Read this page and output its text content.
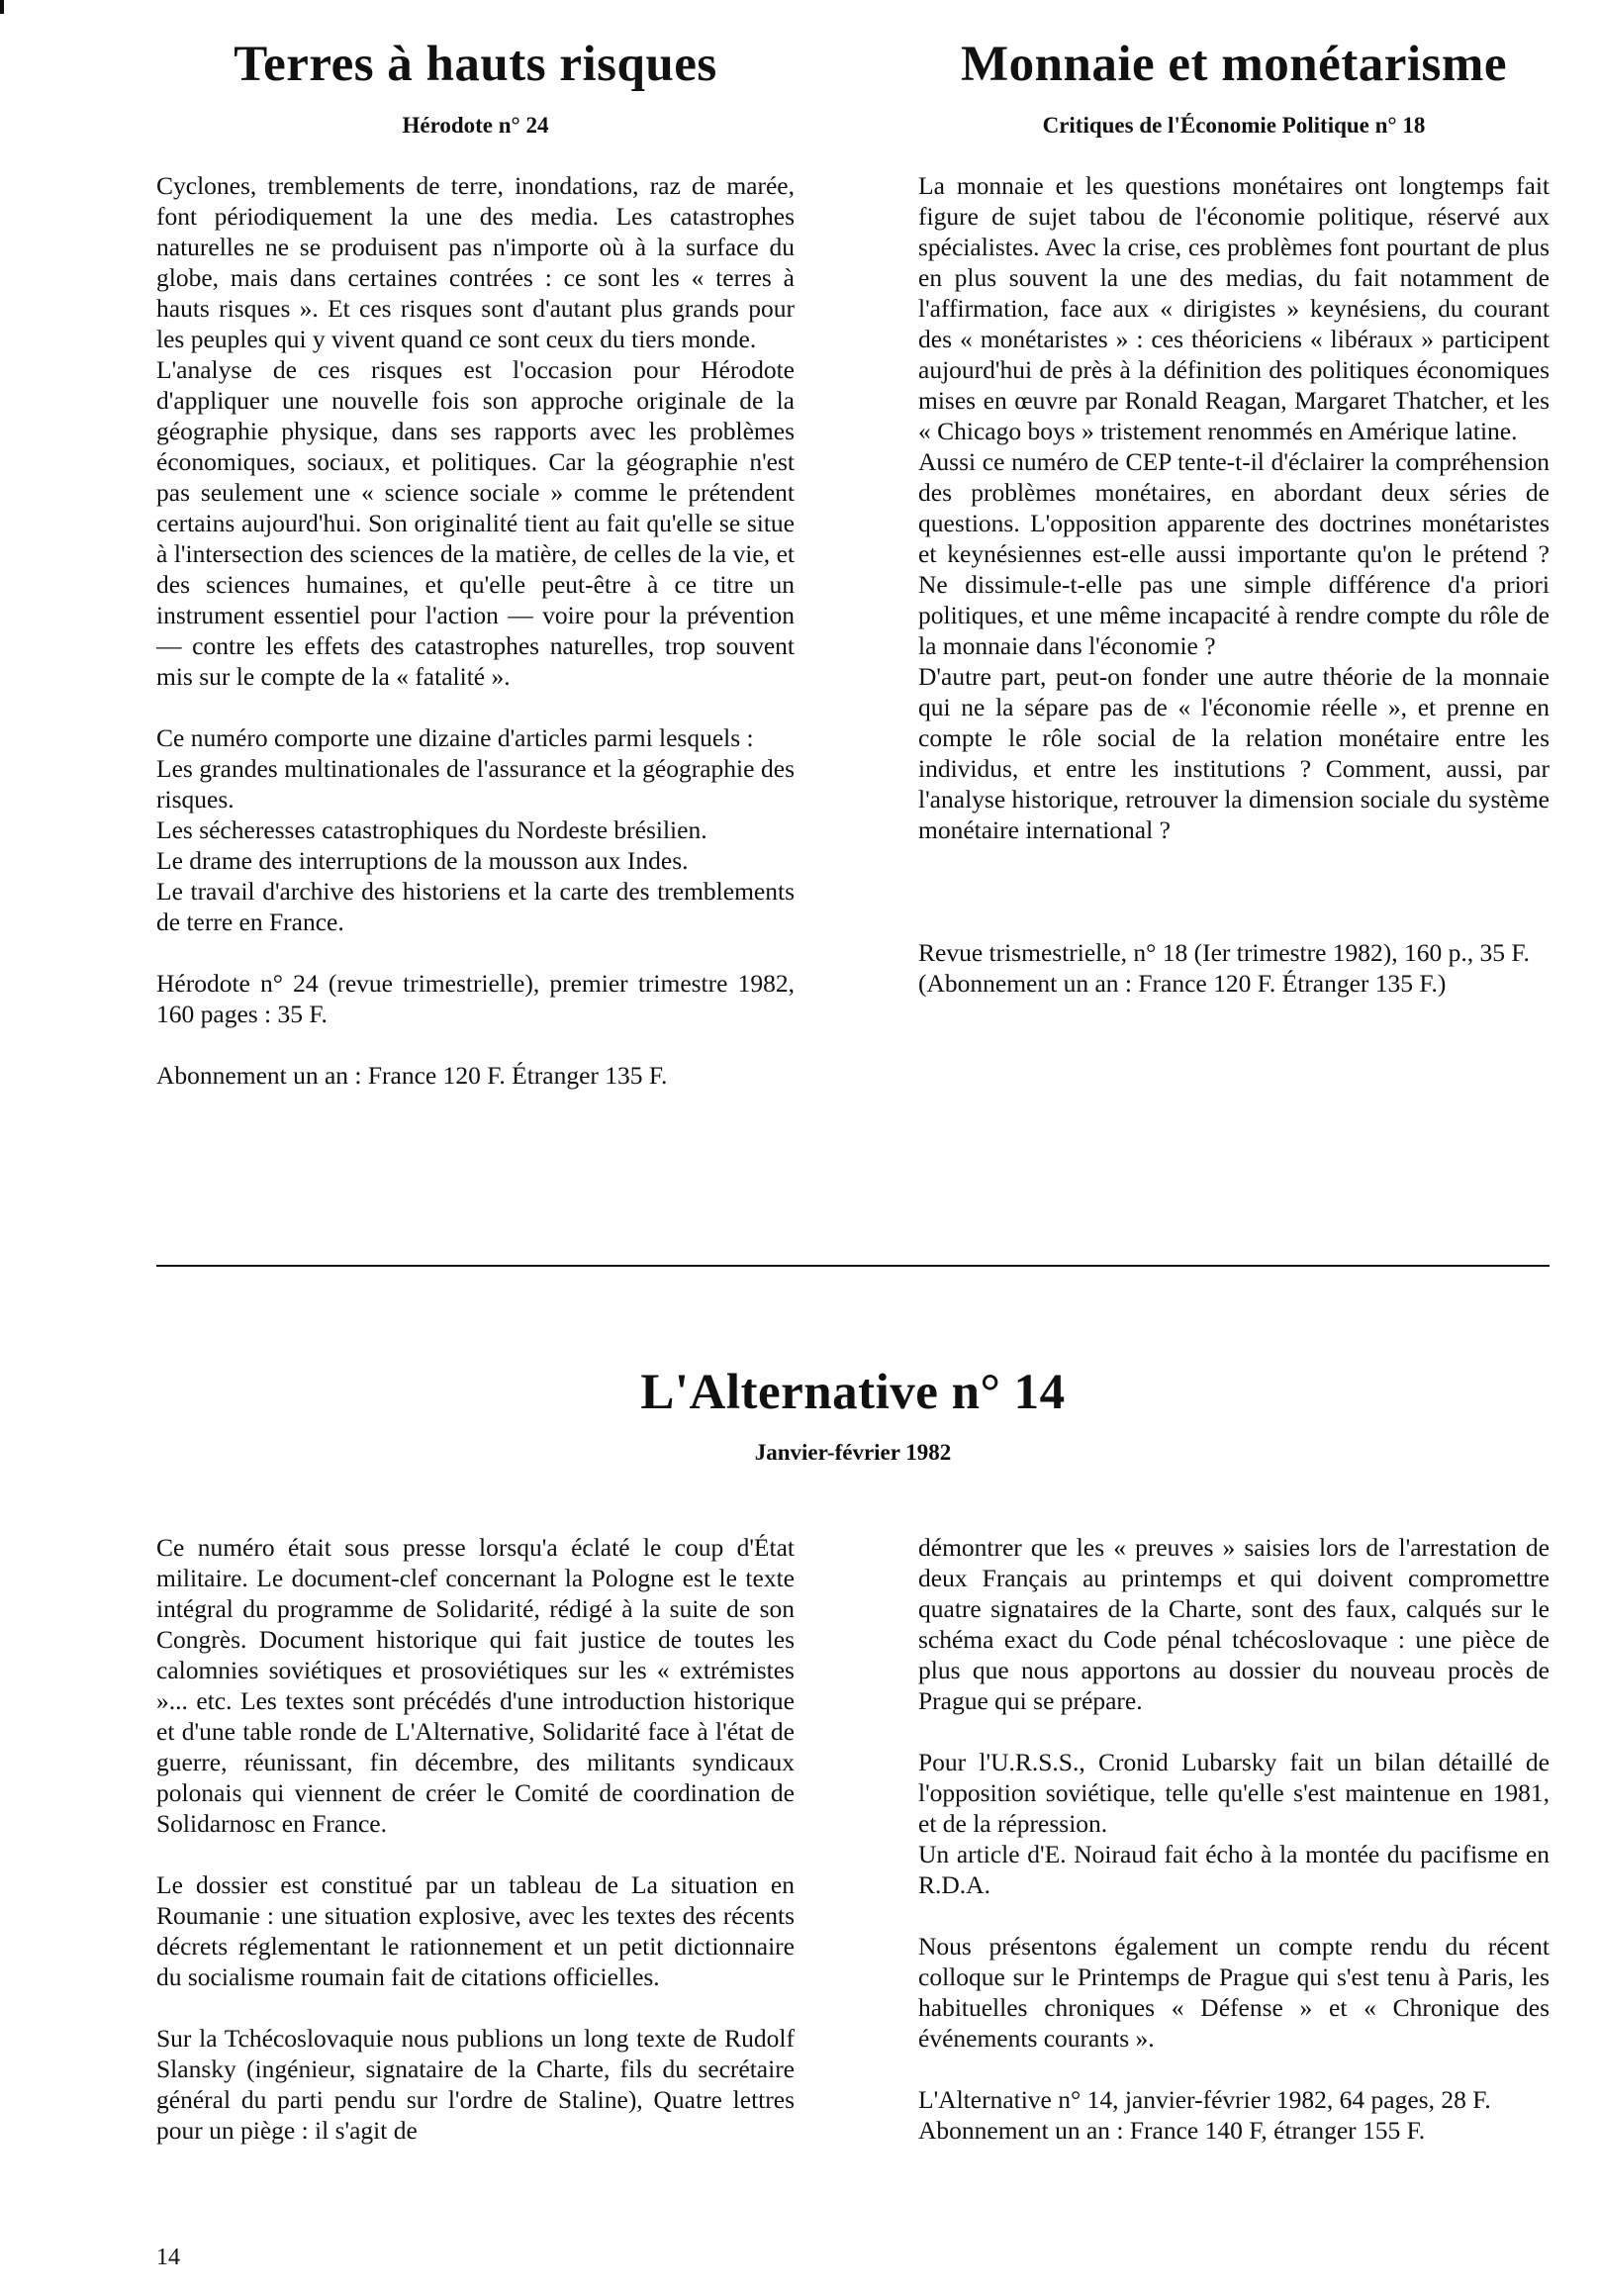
Terres à hauts risques
Hérodote n° 24

Cyclones, tremblements de terre, inondations, raz de marée, font périodiquement la une des media. Les catastrophes naturelles ne se produisent pas n'importe où à la surface du globe, mais dans certaines contrées : ce sont les « terres à hauts risques ». Et ces risques sont d'autant plus grands pour les peuples qui y vivent quand ce sont ceux du tiers monde.

L'analyse de ces risques est l'occasion pour Hérodote d'appliquer une nouvelle fois son approche originale de la géographie physique, dans ses rapports avec les problèmes économiques, sociaux, et politiques. Car la géographie n'est pas seulement une « science sociale » comme le prétendent certains aujourd'hui. Son originalité tient au fait qu'elle se situe à l'intersection des sciences de la matière, de celles de la vie, et des sciences humaines, et qu'elle peut-être à ce titre un instrument essentiel pour l'action — voire pour la prévention — contre les effets des catastrophes naturelles, trop souvent mis sur le compte de la « fatalité ».

Ce numéro comporte une dizaine d'articles parmi lesquels :

Les grandes multinationales de l'assurance et la géographie des risques.

Les sécheresses catastrophiques du Nordeste brésilien.

Le drame des interruptions de la mousson aux Indes.

Le travail d'archive des historiens et la carte des tremblements de terre en France.

Hérodote n° 24 (revue trimestrielle), premier trimestre 1982, 160 pages : 35 F.

Abonnement un an : France 120 F. Étranger 135 F.

Monnaie et monétarisme
Critiques de l'Économie Politique n° 18

La monnaie et les questions monétaires ont longtemps fait figure de sujet tabou de l'économie politique, réservé aux spécialistes. Avec la crise, ces problèmes font pourtant de plus en plus souvent la une des medias, du fait notamment de l'affirmation, face aux « dirigistes » keynésiens, du courant des « monétaristes » : ces théoriciens « libéraux » participent aujourd'hui de près à la définition des politiques économiques mises en œuvre par Ronald Reagan, Margaret Thatcher, et les « Chicago boys » tristement renommés en Amérique latine.

Aussi ce numéro de CEP tente-t-il d'éclairer la compréhension des problèmes monétaires, en abordant deux séries de questions. L'opposition apparente des doctrines monétaristes et keynésiennes est-elle aussi importante qu'on le prétend ? Ne dissimule-t-elle pas une simple différence d'a priori politiques, et une même incapacité à rendre compte du rôle de la monnaie dans l'économie ?

D'autre part, peut-on fonder une autre théorie de la monnaie qui ne la sépare pas de « l'économie réelle », et prenne en compte le rôle social de la relation monétaire entre les individus, et entre les institutions ? Comment, aussi, par l'analyse historique, retrouver la dimension sociale du système monétaire international ?

Revue trismestrielle, n° 18 (Ier trimestre 1982), 160 p., 35 F.

(Abonnement un an : France 120 F. Étranger 135 F.)

L'Alternative n° 14
Janvier-février 1982

Ce numéro était sous presse lorsqu'a éclaté le coup d'État militaire. Le document-clef concernant la Pologne est le texte intégral du programme de Solidarité, rédigé à la suite de son Congrès. Document historique qui fait justice de toutes les calomnies soviétiques et prosoviétiques sur les « extrémistes »... etc. Les textes sont précédés d'une introduction historique et d'une table ronde de L'Alternative, Solidarité face à l'état de guerre, réunissant, fin décembre, des militants syndicaux polonais qui viennent de créer le Comité de coordination de Solidarnosc en France.

Le dossier est constitué par un tableau de La situation en Roumanie : une situation explosive, avec les textes des récents décrets réglementant le rationnement et un petit dictionnaire du socialisme roumain fait de citations officielles.

Sur la Tchécoslovaquie nous publions un long texte de Rudolf Slansky (ingénieur, signataire de la Charte, fils du secrétaire général du parti pendu sur l'ordre de Staline), Quatre lettres pour un piège : il s'agit de

démontrer que les « preuves » saisies lors de l'arrestation de deux Français au printemps et qui doivent compromettre quatre signataires de la Charte, sont des faux, calqués sur le schéma exact du Code pénal tchécoslovaque : une pièce de plus que nous apportons au dossier du nouveau procès de Prague qui se prépare.

Pour l'U.R.S.S., Cronid Lubarsky fait un bilan détaillé de l'opposition soviétique, telle qu'elle s'est maintenue en 1981, et de la répression.

Un article d'E. Noiraud fait écho à la montée du pacifisme en R.D.A.

Nous présentons également un compte rendu du récent colloque sur le Printemps de Prague qui s'est tenu à Paris, les habituelles chroniques « Défense » et « Chronique des événements courants ».

L'Alternative n° 14, janvier-février 1982, 64 pages, 28 F.

Abonnement un an : France 140 F, étranger 155 F.

14
